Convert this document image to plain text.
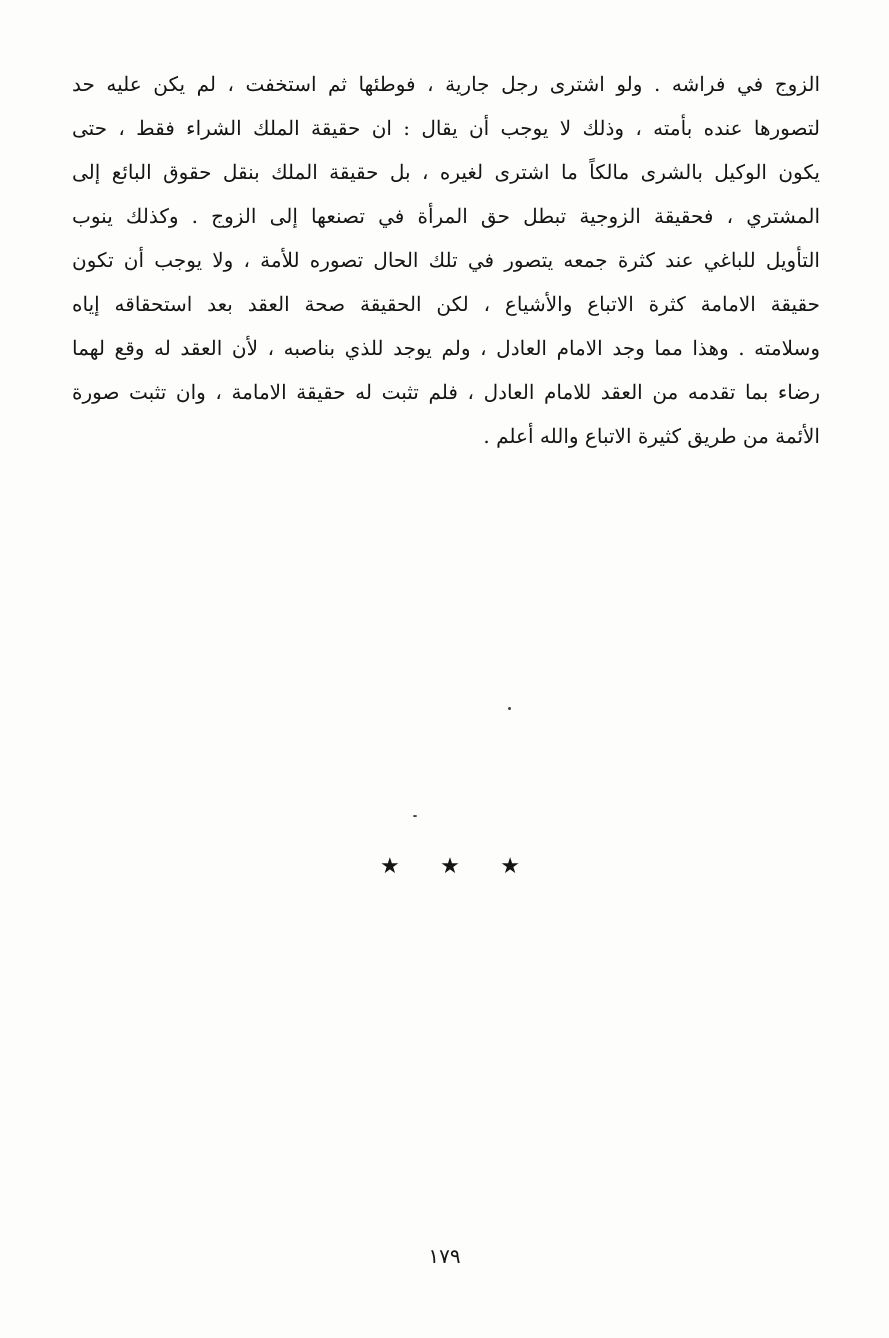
الزوج في فراشه . ولو اشترى رجل جارية ، فوطئها ثم استخفت ، لم يكن عليه حد
لتصورها عنده بأمته ، وذلك لا يوجب أن يقال : ان حقيقة الملك الشراء فقط ، حتى
يكون الوكيل بالشرى مالكاً ما اشترى لغيره ، بل حقيقة الملك بنقل حقوق البائع إلى
المشتري ، فحقيقة الزوجية تبطل حق المرأة في تصنعها إلى الزوج . وكذلك ينوب
التأويل للباغي عند كثرة جمعه يتصور في تلك الحال تصوره للأمة ، ولا يوجب أن تكون
حقيقة الامامة كثرة الاتباع والأشياع ، لكن الحقيقة صحة العقد بعد استحقاقه إياه
وسلامته . وهذا مما وجد الامام العادل ، ولم يوجد للذي بناصبه ، لأن العقد له وقع لهما
رضاء بما تقدمه من العقد للامام العادل ، فلم تثبت له حقيقة الامامة ، وان تثبت صورة
الأئمة من طريق كثيرة الاتباع والله أعلم .
★
★
★
١٧٩
